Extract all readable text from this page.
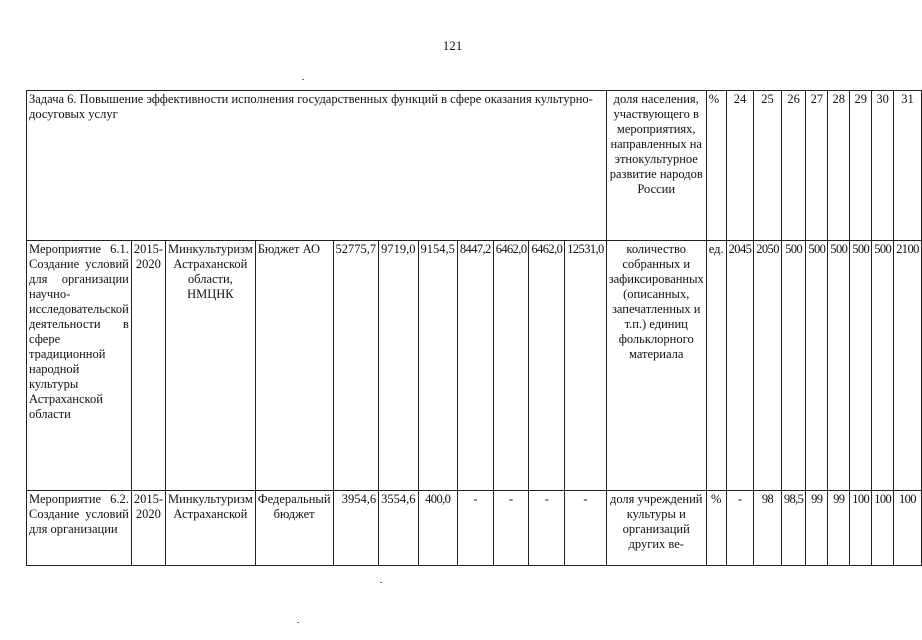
121
Задача 6. Повышение эффективности исполнения государственных функций в сфере оказания культурно-досуговых услуг											доля населения, участвующего в мероприятиях, направленных на этнокультурное развитие народов России	%	24	25	26	27	28	29	30	31
Мероприятие 6.1. Создание условий для организации научно-исследовательской деятельности в сфере традиционной народной культуры Астраханской области	2015-2020	Минкультуризм Астраханской области, НМЦНК	Бюджет АО	52775,7	9719,0	9154,5	8447,2	6462,0	6462,0	12531,0	количество собранных и зафиксированных (описанных, запечатленных и т.п.) единиц фольклорного материала	ед.	2045	2050	500	500	500	500	500	2100
Мероприятие 6.2. Создание условий для организации	2015-2020	Минкультуризм Астраханской	Федеральный бюджет	3954,6	3554,6	400,0	-	-	-	-	доля учреждений культуры и организаций других ве-	%	-	98	98,5	99	99	100	100	100
